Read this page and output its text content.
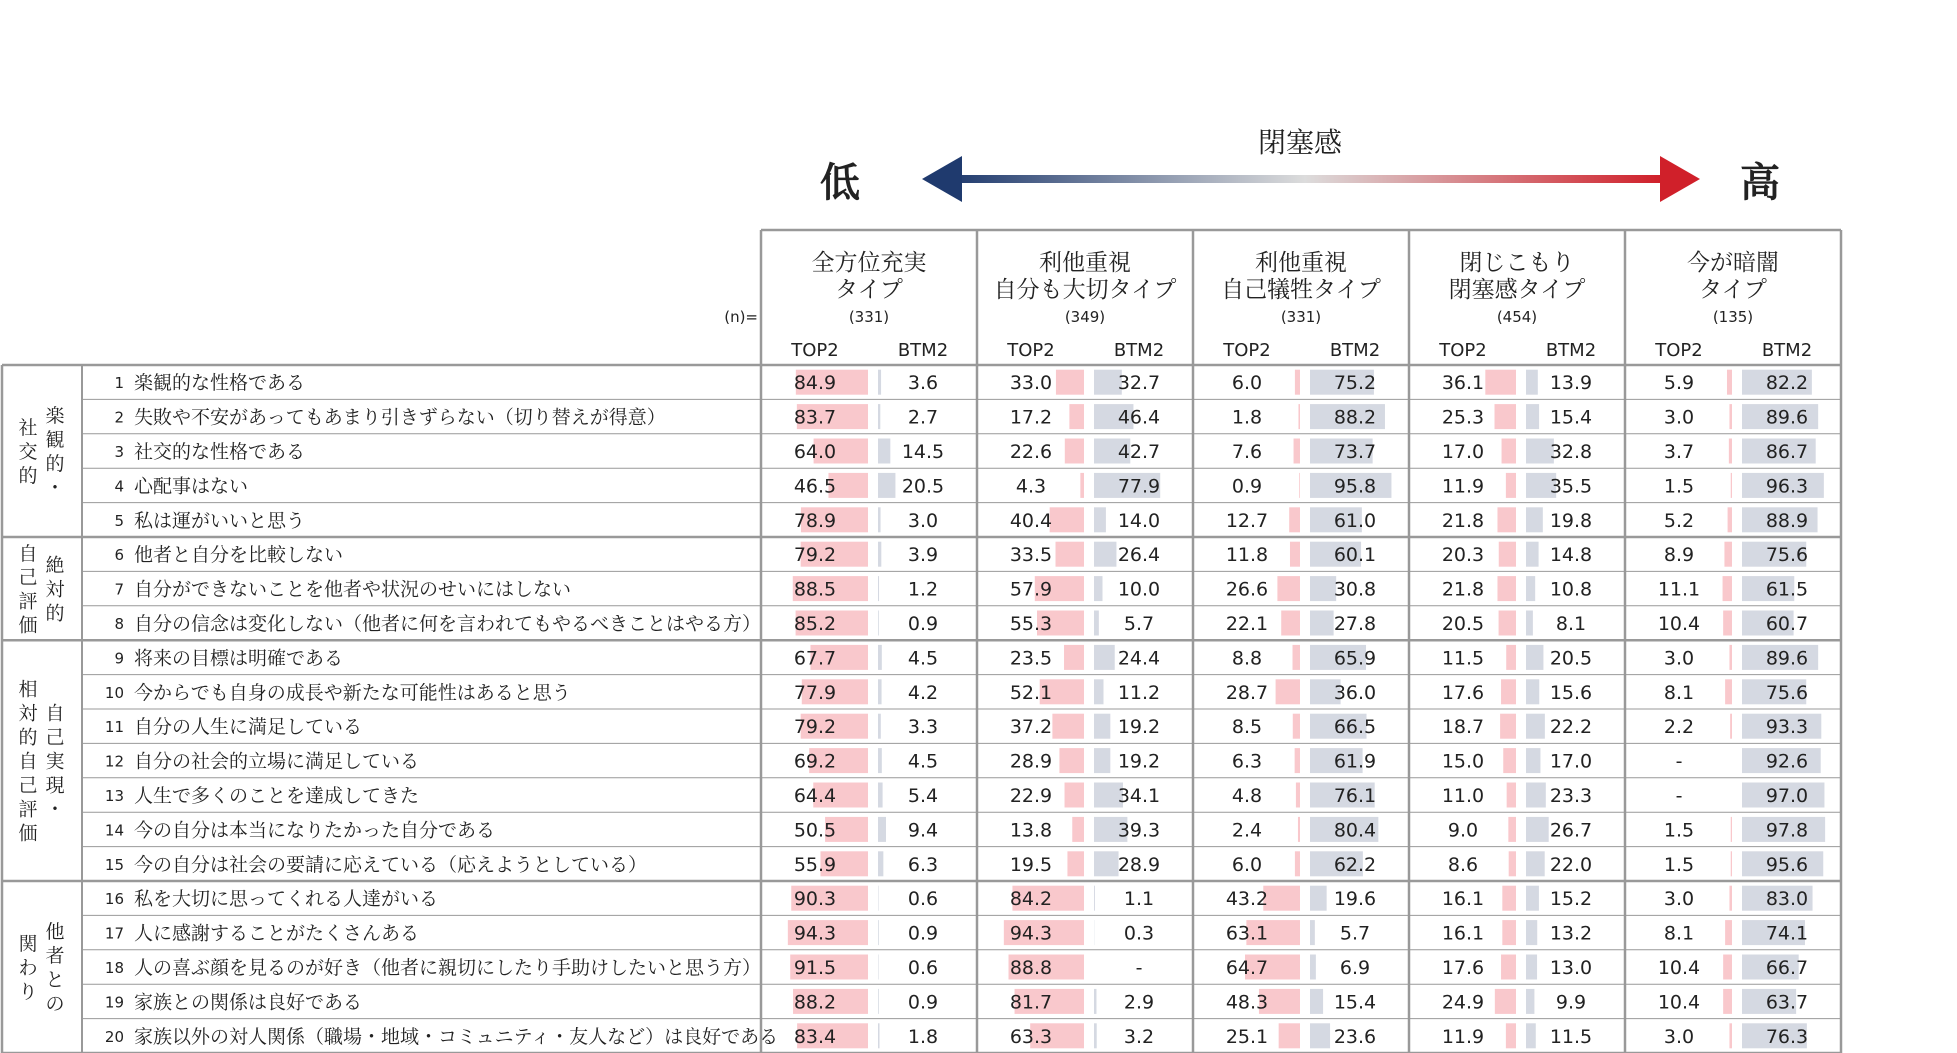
閉塞感
低	高
(n)=
全方位充実
タイプ
(331)
TOP2	BTM2
利他重視
自分も大切タイプ
(349)
TOP2	BTM2
利他重視
自己犠牲タイプ
(331)
TOP2	BTM2
閉じこもり
閉塞感タイプ
(454)
TOP2	BTM2
今が暗闇
タイプ
(135)
TOP2	BTM2
1 楽観的な性格である	84.9	3.6	33.0	32.7	6.0	75.2	36.1	13.9	5.9	82.2
2 失敗や不安があってもあまり引きずらない（切り替えが得意）	83.7	2.7	17.2	46.4	1.8	88.2	25.3	15.4	3.0	89.6
3 社交的な性格である	64.0	14.5	22.6	42.7	7.6	73.7	17.0	32.8	3.7	86.7
4 心配事はない	46.5	20.5	4.3	77.9	0.9	95.8	11.9	35.5	1.5	96.3
5 私は運がいいと思う	78.9	3.0	40.4	14.0	12.7	61.0	21.8	19.8	5.2	88.9
6 他者と自分を比較しない	79.2	3.9	33.5	26.4	11.8	60.1	20.3	14.8	8.9	75.6
7 自分ができないことを他者や状況のせいにはしない	88.5	1.2	57.9	10.0	26.6	30.8	21.8	10.8	11.1	61.5
8 自分の信念は変化しない（他者に何を言われてもやるべきことはやる方） 85.2	0.9	55.3	5.7	22.1	27.8	20.5	8.1	10.4	60.7
9 将来の目標は明確である	67.7	4.5	23.5	24.4	8.8	65.9	11.5	20.5	3.0	89.6
10 今からでも自身の成長や新たな可能性はあると思う	77.9	4.2	52.1	11.2	28.7	36.0	17.6	15.6	8.1	75.6
11 自分の人生に満足している	79.2	3.3	37.2	19.2	8.5	66.5	18.7	22.2	2.2	93.3
12 自分の社会的立場に満足している	69.2	4.5	28.9	19.2	6.3	61.9	15.0	17.0	-	92.6
13 人生で多くのことを達成してきた	64.4	5.4	22.9	34.1	4.8	76.1	11.0	23.3	-	97.0
14 今の自分は本当になりたかった自分である	50.5	9.4	13.8	39.3	2.4	80.4	9.0	26.7	1.5	97.8
15 今の自分は社会の要請に応えている（応えようとしている）	55.9	6.3	19.5	28.9	6.0	62.2	8.6	22.0	1.5	95.6
16 私を大切に思ってくれる人達がいる	90.3	0.6	84.2	1.1	43.2	19.6	16.1	15.2	3.0	83.0
17 人に感謝することがたくさんある	94.3	0.9	94.3	0.3	63.1	5.7	16.1	13.2	8.1	74.1
18 人の喜ぶ顔を見るのが好き（他者に親切にしたり手助けしたいと思う方） 91.5	0.6	88.8	-	64.7	6.9	17.6	13.0	10.4	66.7
19 家族との関係は良好である	88.2	0.9	81.7	2.9	48.3	15.4	24.9	9.9	10.4	63.7
20 家族以外の対人関係（職場・地域・コミュニティ・友人など）は良好である 83.4	1.8	63.3	3.2	25.1	23.6	11.9	11.5	3.0	76.3
楽
観
的
・
社
交
的
絶
対
的
自
己
評
価
自
己
実
現
・
相
対
的
自
己
評
価
他
者
と
の
関
わ
り
